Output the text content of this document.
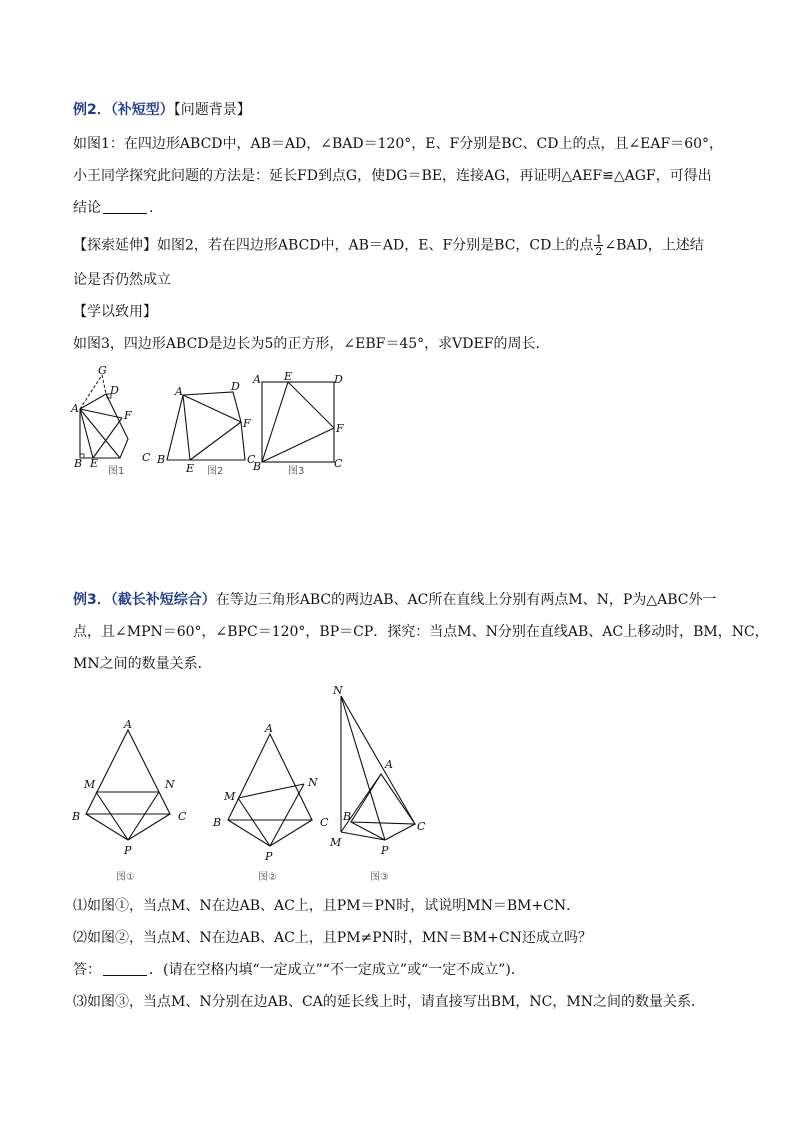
例2．（补短型）【问题背景】
如图1：在四边形ABCD中，AB＝AD，∠BAD＝120°，E、F分别是BC、CD上的点，且∠EAF＝60°，
小王同学探究此问题的方法是：延长FD到点G，使DG＝BE，连接AG，再证明△AEF≌△AGF，可得出
结论	.
【探索延伸】如图2，若在四边形ABCD中，AB＝AD，E、F分别是BC，CD上的点 $\frac{1}{2}$ ∠BAD，上述结
论是否仍然成立
【学以致用】
如图3，四边形ABCD是边长为5的正方形，∠EBF＝45°，求VDEF的周长．
G
D
A
F
B E	C
图1
A	D
F
B
E
C
图2
A E	D
F
B	C
图3
例3．（截长补短综合）在等边三角形ABC的两边AB、AC所在直线上分别有两点M、N，P为△ABC外一
点，且∠MPN＝60°，∠BPC＝120°，BP＝CP．探究：当点M、N分别在直线AB、AC上移动时，BM，NC，
MN之间的数量关系．
A
M	N
B	C
P
图①
A
M
N
B	C
P
图②
N
A
B
C
M
P
图③
⑴如图①，当点M、N在边AB、AC上，且PM＝PN时，试说明MN＝BM+CN．
⑵如图②，当点M、N在边AB、AC上，且PM≠PN时，MN＝BM+CN还成立吗？
答：	．(请在空格内填“一定成立”“不一定成立”或“一定不成立”)．
⑶如图③，当点M、N分别在边AB、CA的延长线上时，请直接写出BM，NC，MN之间的数量关系．
